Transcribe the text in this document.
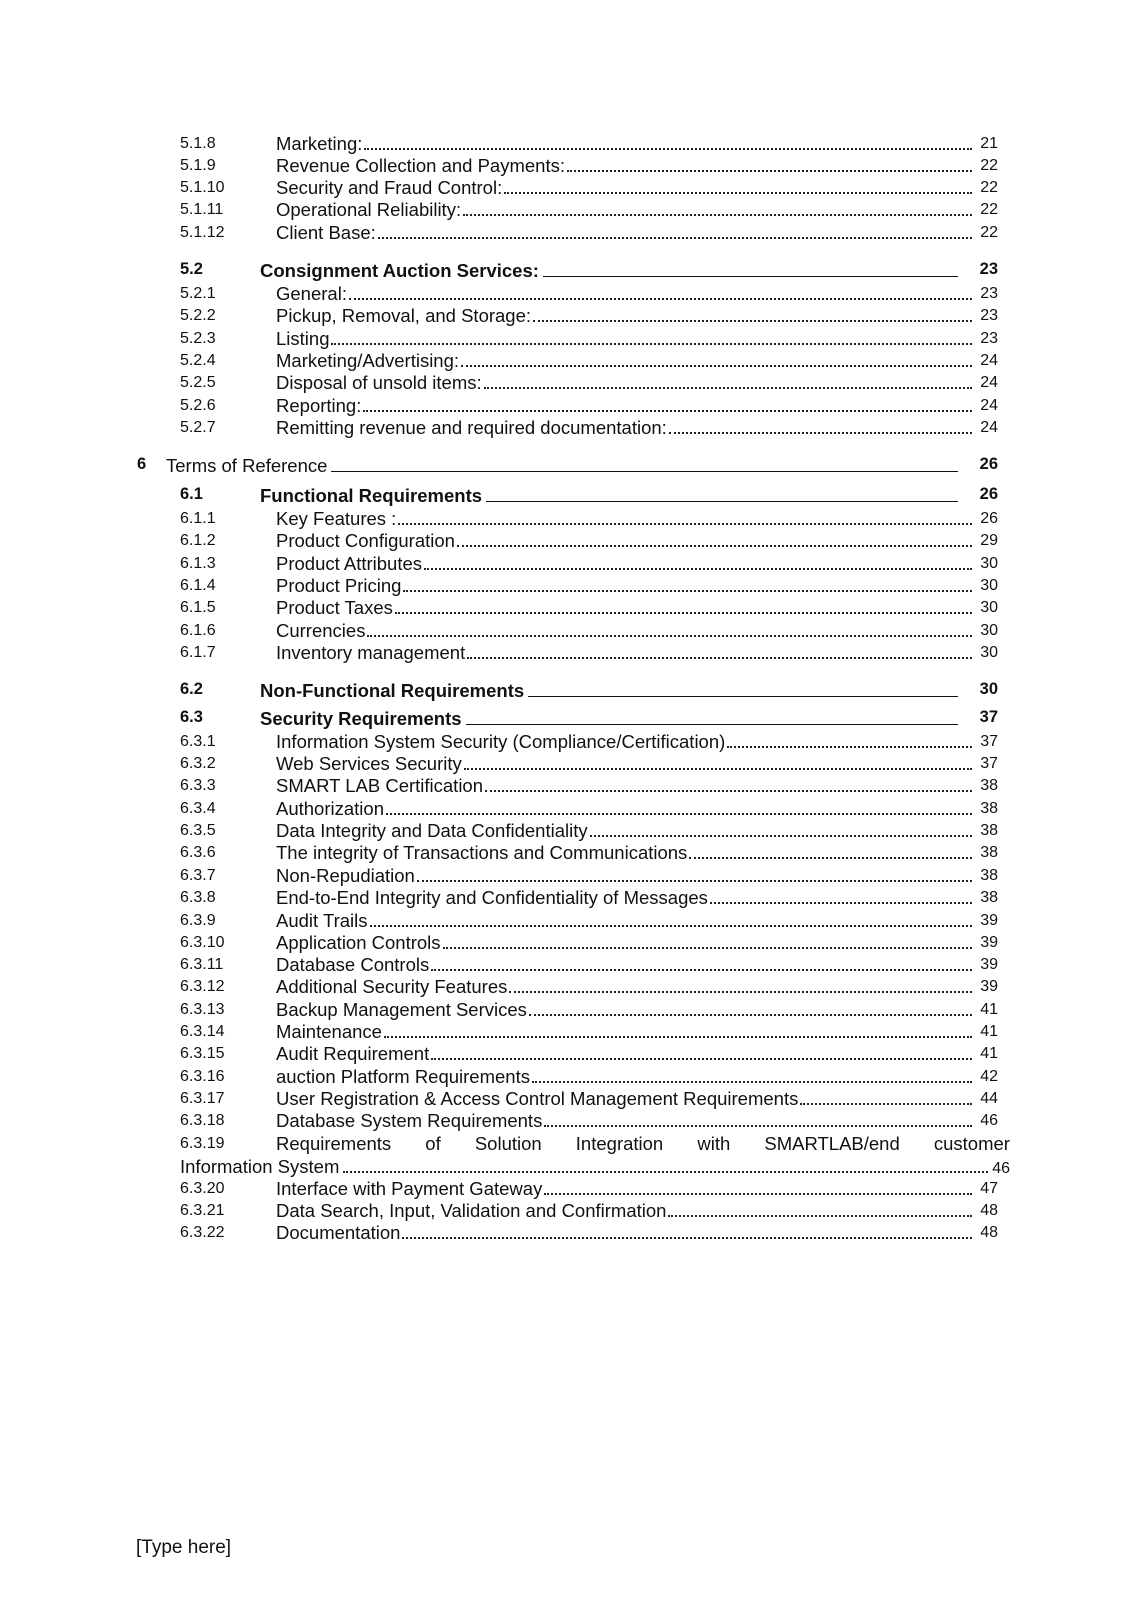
5.1.8	Marketing:	21
5.1.9	Revenue Collection and Payments:	22
5.1.10	Security and Fraud Control:	22
5.1.11	Operational Reliability:	22
5.1.12	Client Base:	22
5.2	Consignment Auction Services:	23
5.2.1	General:	23
5.2.2	Pickup, Removal, and Storage:	23
5.2.3	Listing	23
5.2.4	Marketing/Advertising:	24
5.2.5	Disposal of unsold items:	24
5.2.6	Reporting:	24
5.2.7	Remitting revenue and required documentation:	24
6 Terms of Reference	26
6.1	Functional Requirements	26
6.1.1	Key Features :	26
6.1.2	Product Configuration	29
6.1.3	Product Attributes	30
6.1.4	Product Pricing	30
6.1.5	Product Taxes	30
6.1.6	Currencies	30
6.1.7	Inventory management	30
6.2	Non-Functional Requirements	30
6.3	Security Requirements	37
6.3.1	Information System Security (Compliance/Certification)	37
6.3.2	Web Services Security	37
6.3.3	SMART LAB Certification	38
6.3.4	Authorization	38
6.3.5	Data Integrity and Data Confidentiality	38
6.3.6	The integrity of Transactions and Communications	38
6.3.7	Non-Repudiation	38
6.3.8	End-to-End Integrity and Confidentiality of Messages	38
6.3.9	Audit Trails	39
6.3.10	Application Controls	39
6.3.11	Database Controls	39
6.3.12	Additional Security Features	39
6.3.13	Backup Management Services	41
6.3.14	Maintenance	41
6.3.15	Audit Requirement	41
6.3.16	auction Platform Requirements	42
6.3.17	User Registration & Access Control Management Requirements	44
6.3.18	Database System Requirements	46
6.3.19	Requirements of Solution Integration with SMARTLAB/end customer
Information System	46
6.3.20	Interface with Payment Gateway	47
6.3.21	Data Search, Input, Validation and Confirmation	48
6.3.22	Documentation	48
[Type here]
